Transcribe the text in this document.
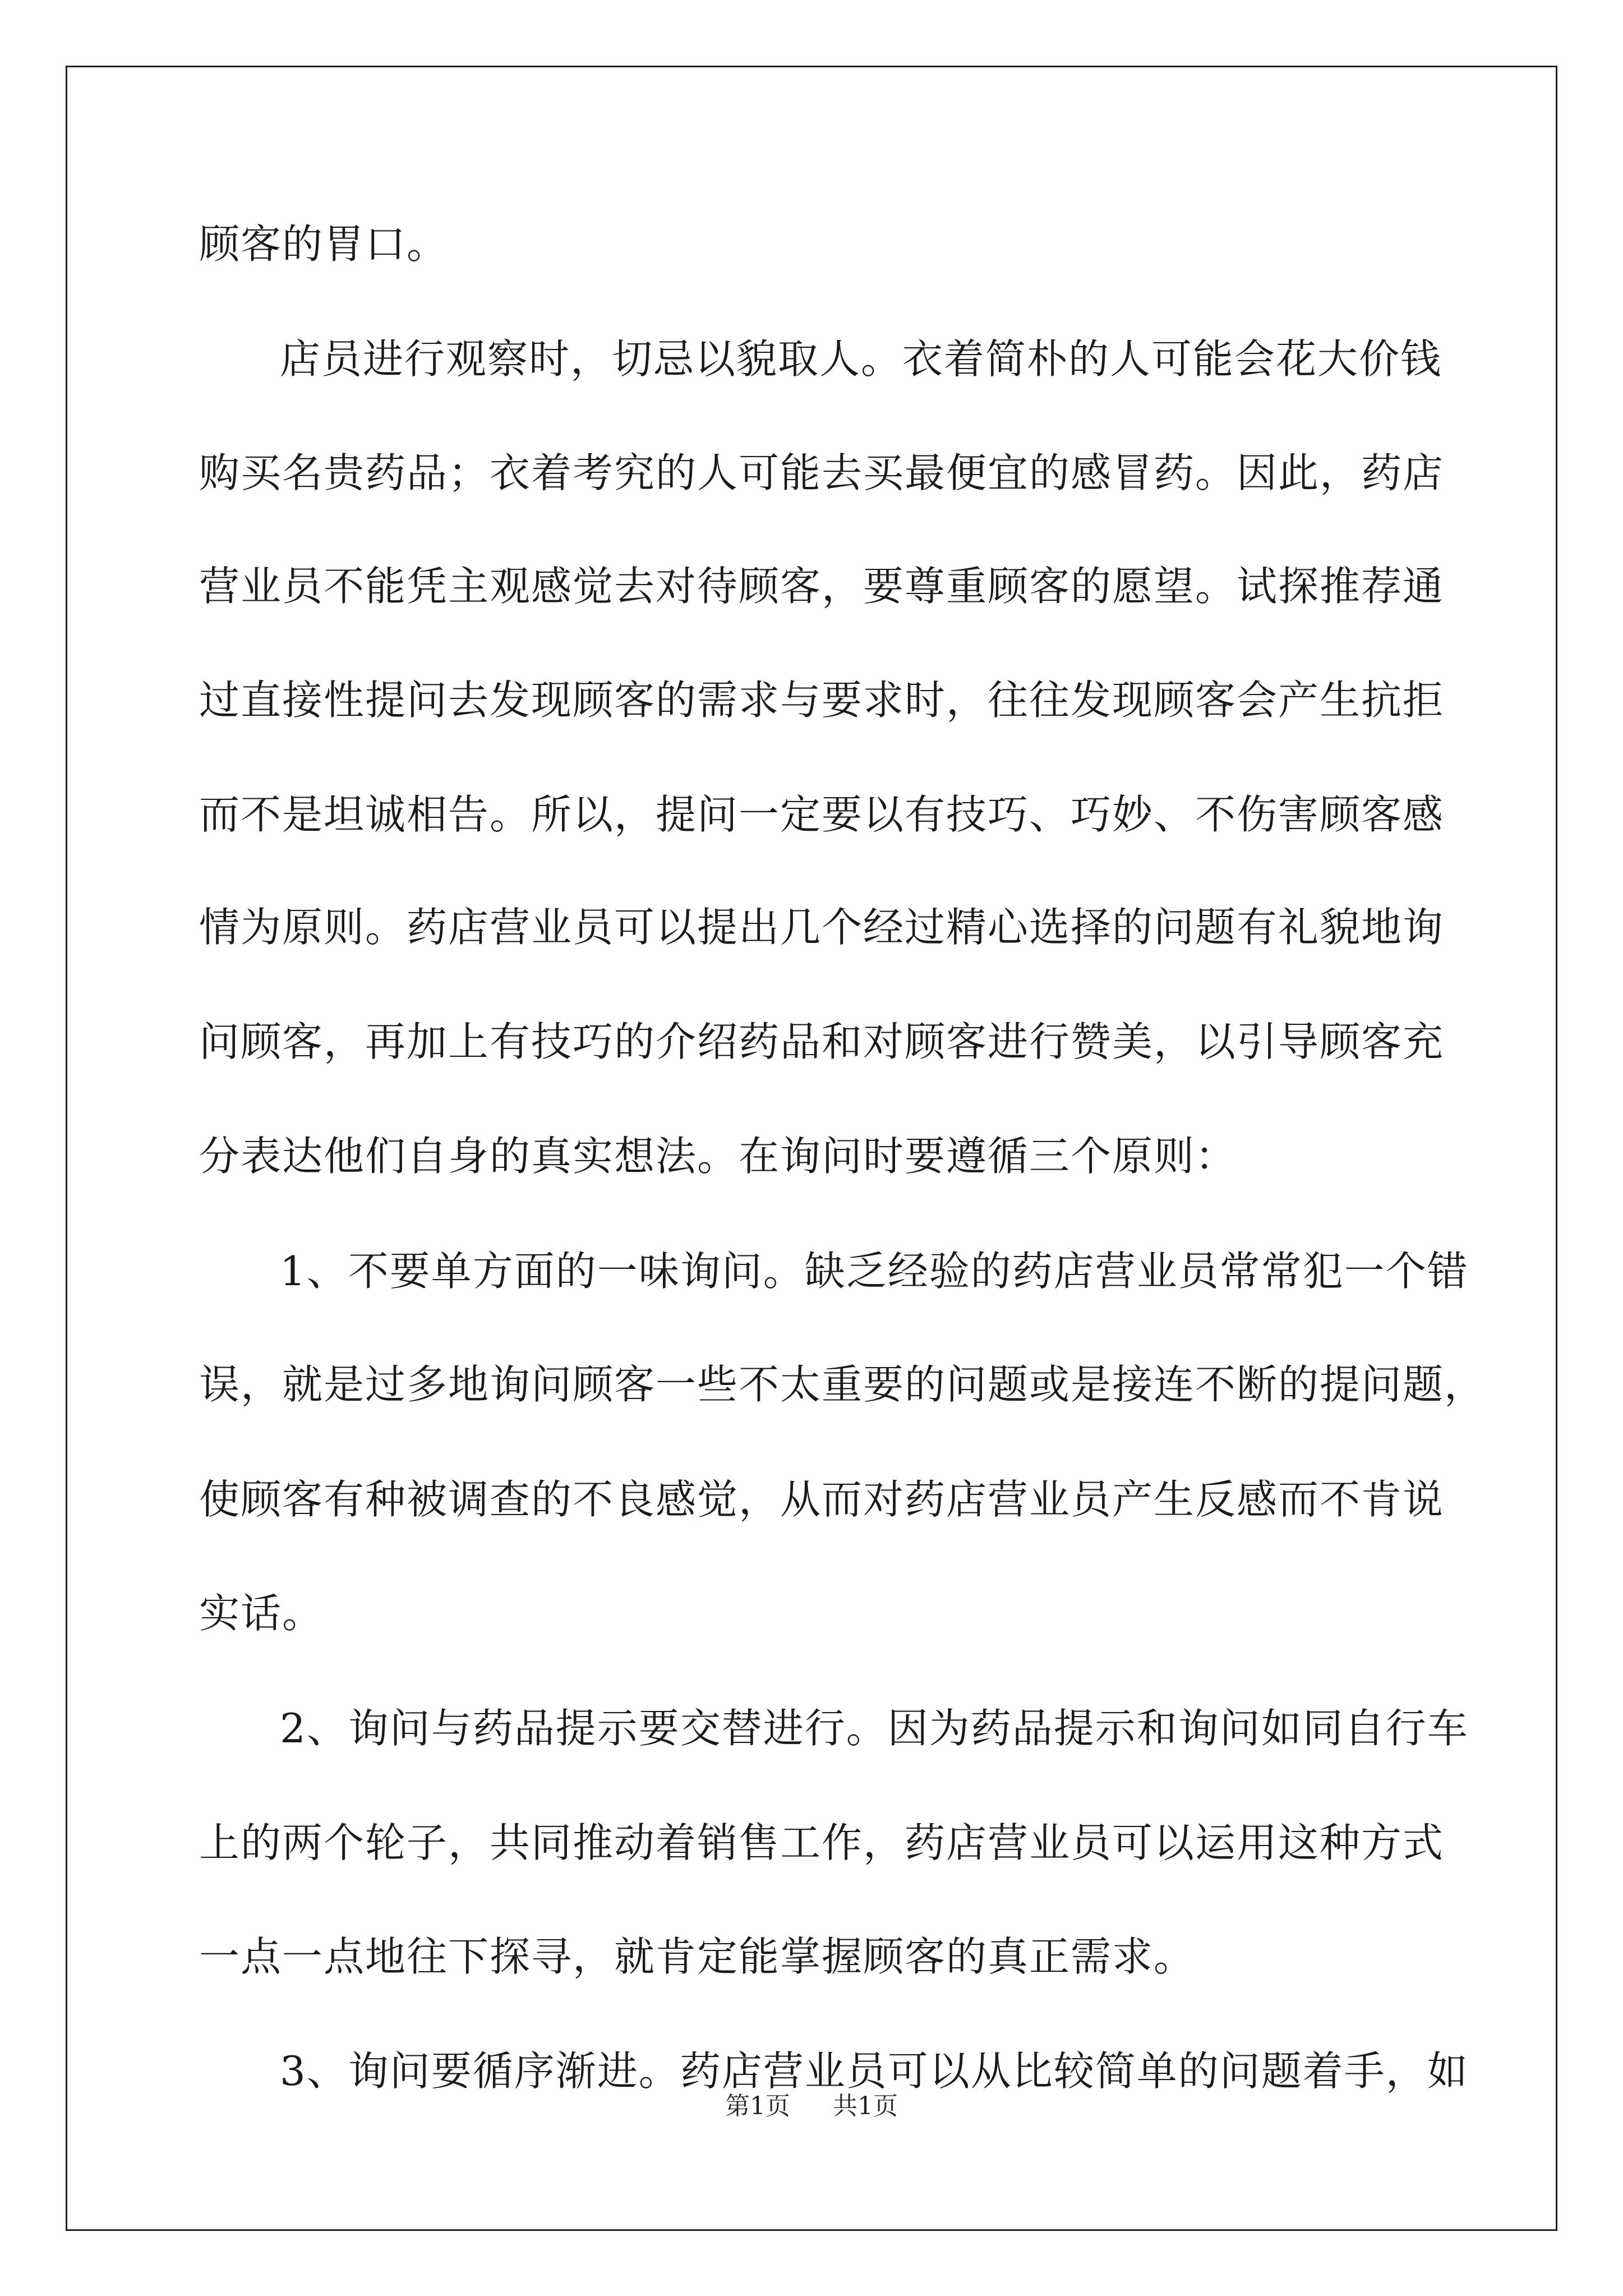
顾客的胃口。
店员进行观察时，切忌以貌取人。衣着简朴的人可能会花大价钱
购买名贵药品；衣着考究的人可能去买最便宜的感冒药。因此，药店
营业员不能凭主观感觉去对待顾客，要尊重顾客的愿望。试探推荐通
过直接性提问去发现顾客的需求与要求时，往往发现顾客会产生抗拒
而不是坦诚相告。所以，提问一定要以有技巧、巧妙、不伤害顾客感
情为原则。药店营业员可以提出几个经过精心选择的问题有礼貌地询
问顾客，再加上有技巧的介绍药品和对顾客进行赞美，以引导顾客充
分表达他们自身的真实想法。在询问时要遵循三个原则：
1、不要单方面的一味询问。缺乏经验的药店营业员常常犯一个错
误，就是过多地询问顾客一些不太重要的问题或是接连不断的提问题，
使顾客有种被调查的不良感觉，从而对药店营业员产生反感而不肯说
实话。
2、询问与药品提示要交替进行。因为药品提示和询问如同自行车
上的两个轮子，共同推动着销售工作，药店营业员可以运用这种方式
一点一点地往下探寻，就肯定能掌握顾客的真正需求。
3、询问要循序渐进。药店营业员可以从比较简单的问题着手，如
第1页 共1页
